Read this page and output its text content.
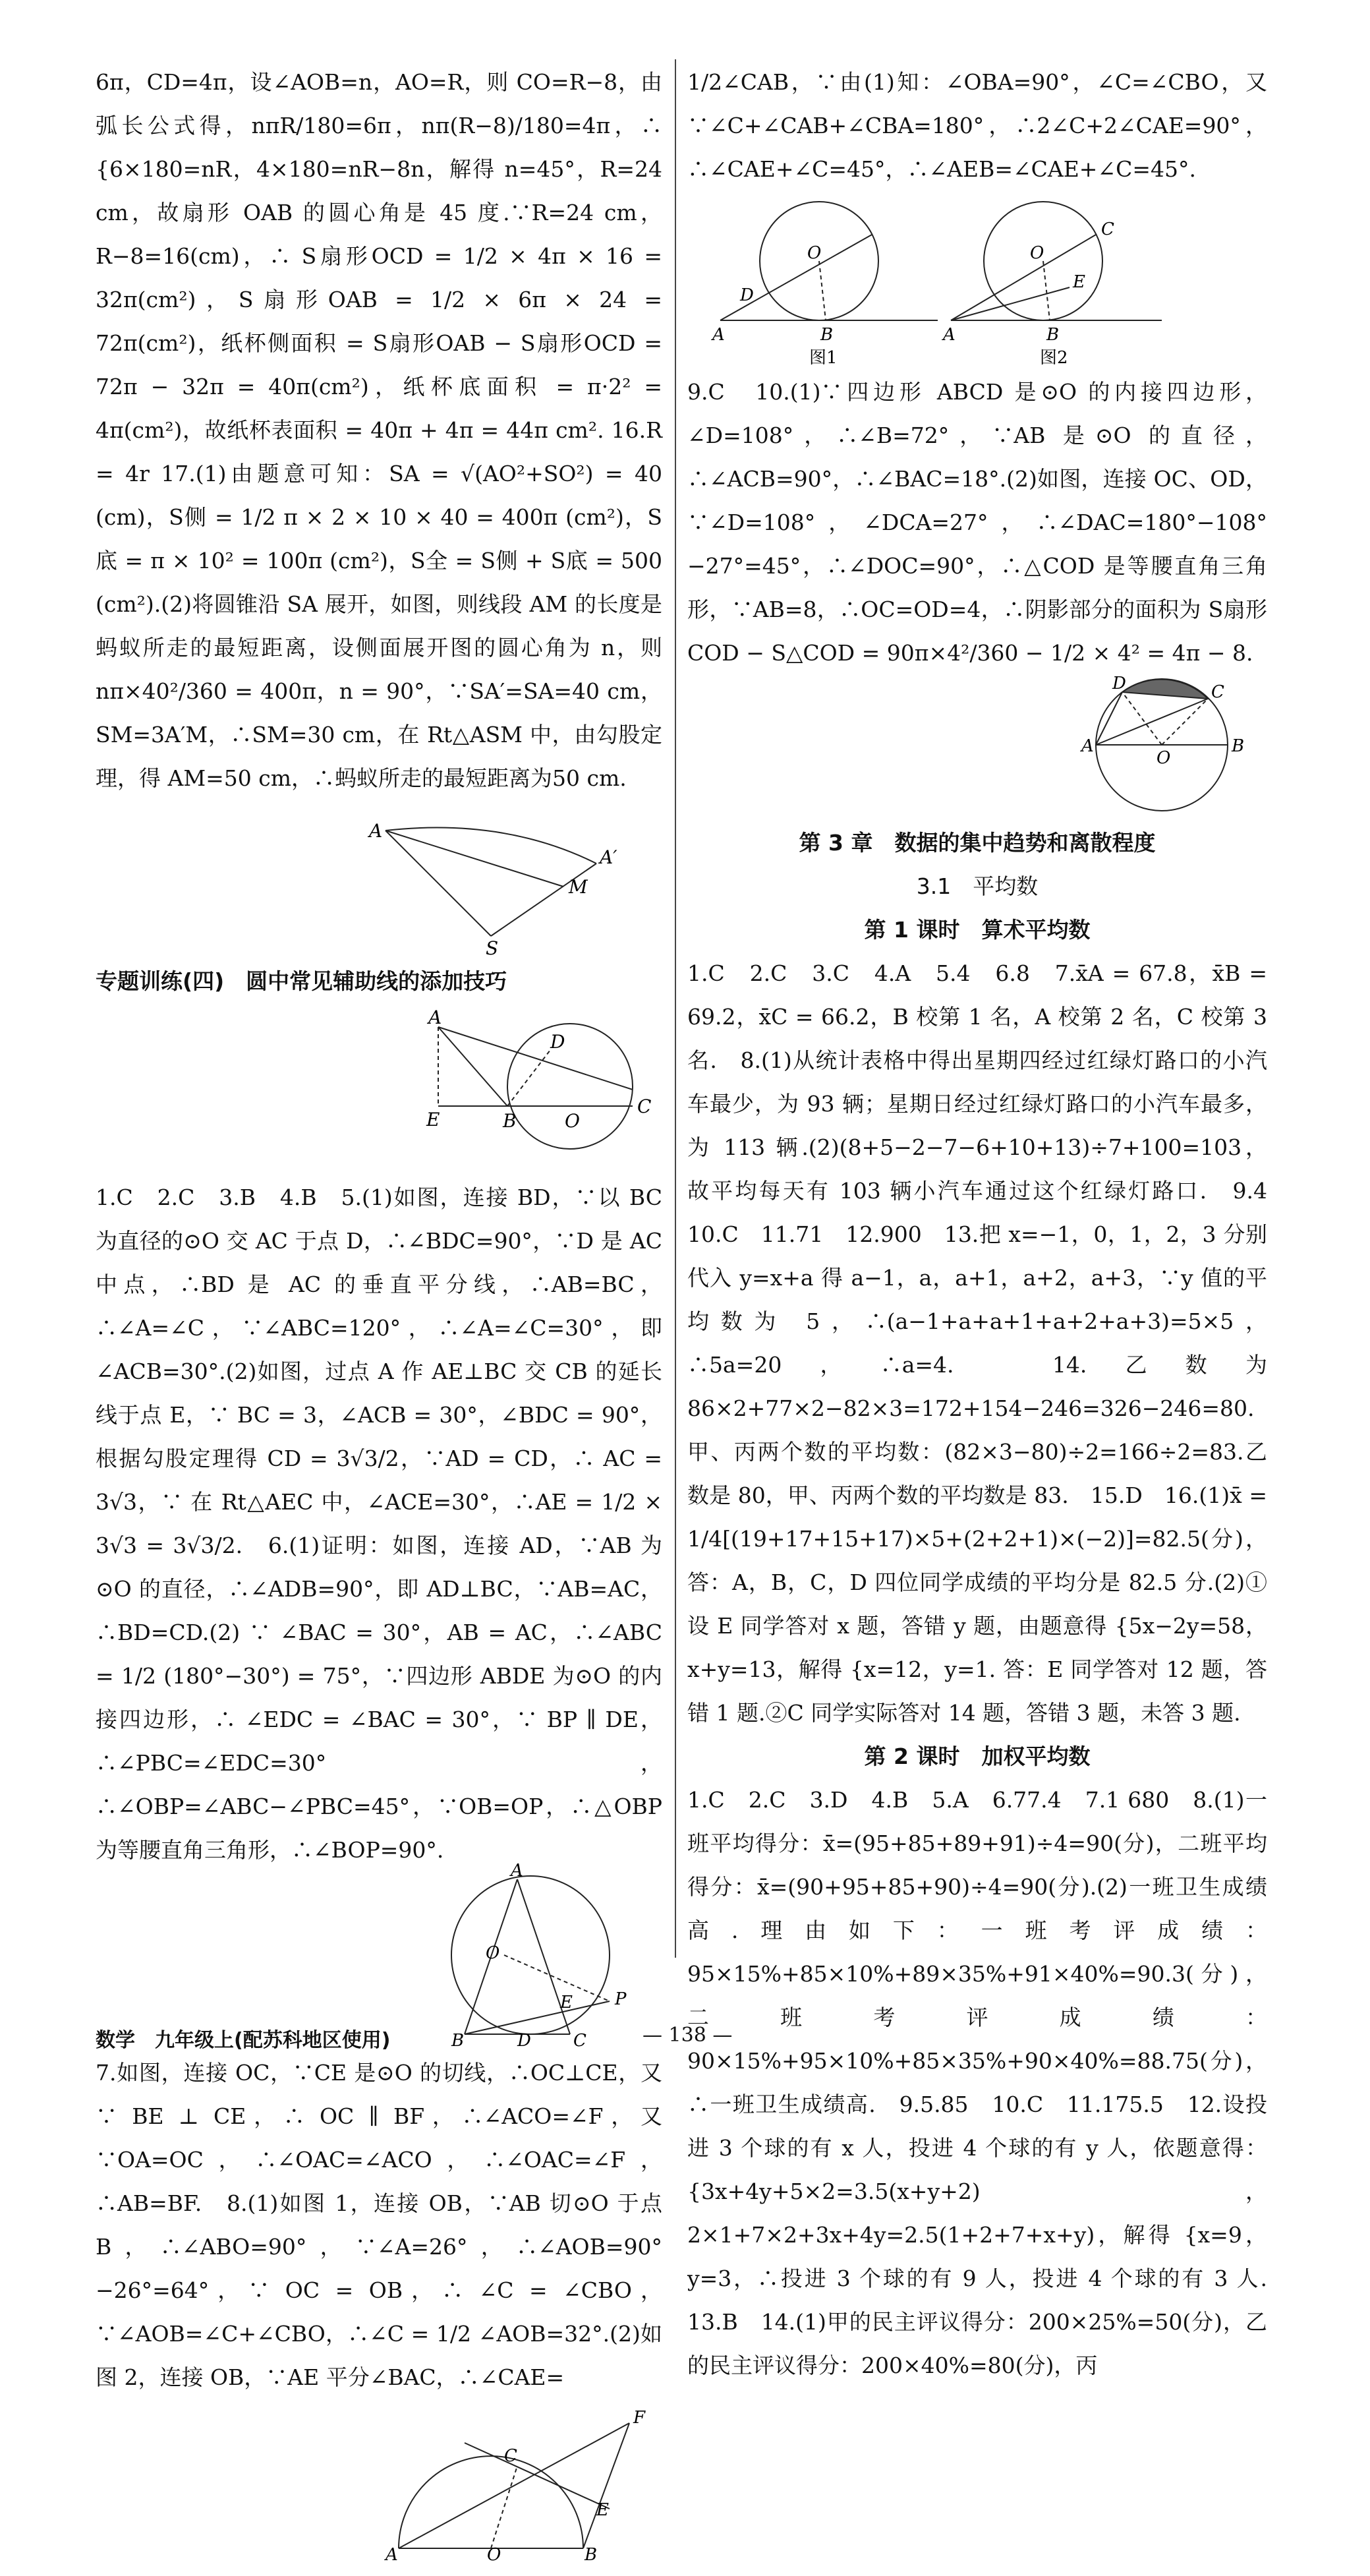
6π，CD=4π，设∠AOB=n，AO=R，则 CO=R−8，由弧长公式得，nπR/180=6π，nπ(R−8)/180=4π，∴ {6×180=nR，4×180=nR−8n，解得 n=45°，R=24 cm，故扇形 OAB 的圆心角是 45 度.∵R=24 cm，R−8=16(cm)，∴ S扇形OCD = 1/2 × 4π × 16 = 32π(cm²)，S扇形OAB = 1/2 × 6π × 24 = 72π(cm²)，纸杯侧面积 = S扇形OAB − S扇形OCD = 72π − 32π = 40π(cm²)，纸杯底面积 = π·2² = 4π(cm²)，故纸杯表面积 = 40π + 4π = 44π cm². 16.R = 4r 17.(1)由题意可知：SA = √(AO²+SO²) = 40 (cm)，S侧 = 1/2 π × 2 × 10 × 40 = 400π (cm²)，S底 = π × 10² = 100π (cm²)，S全 = S侧 + S底 = 500 (cm²).(2)将圆锥沿 SA 展开，如图，则线段 AM 的长度是蚂蚁所走的最短距离，设侧面展开图的圆心角为 n，则 nπ×40²/360 = 400π，n = 90°，∵SA′=SA=40 cm，SM=3A′M，∴SM=30 cm，在 Rt△ASM 中，由勾股定理，得 AM=50 cm，∴蚂蚁所走的最短距离为50 cm.

A
A′
M
S

专题训练(四)　圆中常见辅助线的添加技巧

A
D
E	B	O
C

1.C　2.C　3.B　4.B　5.(1)如图，连接 BD，∵以 BC 为直径的⊙O 交 AC 于点 D，∴∠BDC=90°，∵D 是 AC 中点，∴BD 是 AC 的垂直平分线，∴AB=BC，∴∠A=∠C，∵∠ABC=120°，∴∠A=∠C=30°，即∠ACB=30°.(2)如图，过点 A 作 AE⊥BC 交 CB 的延长线于点 E，∵ BC = 3，∠ACB = 30°，∠BDC = 90°，根据勾股定理得 CD = 3√3/2，∵AD = CD，∴ AC = 3√3，∵ 在 Rt△AEC 中，∠ACE=30°，∴AE = 1/2 × 3√3 = 3√3/2.　6.(1)证明：如图，连接 AD，∵AB 为⊙O 的直径，∴∠ADB=90°，即 AD⊥BC，∵AB=AC，∴BD=CD.(2) ∵ ∠BAC = 30°，AB = AC，∴∠ABC = 1/2 (180°−30°) = 75°，∵四边形 ABDE 为⊙O 的内接四边形，∴ ∠EDC = ∠BAC = 30°，∵ BP ∥ DE，∴∠PBC=∠EDC=30°，∴∠OBP=∠ABC−∠PBC=45°，∵OB=OP，∴△OBP 为等腰直角三角形，∴∠BOP=90°.

A
O
E P
B	D C

7.如图，连接 OC，∵CE 是⊙O 的切线，∴OC⊥CE，又∵ BE ⊥ CE，∴ OC ∥ BF，∴∠ACO=∠F，又∵OA=OC，∴∠OAC=∠ACO，∴∠OAC=∠F，∴AB=BF.　8.(1)如图 1，连接 OB，∵AB 切⊙O 于点 B，∴∠ABO=90°，∵∠A=26°，∴∠AOB=90°−26°=64°，∵ OC = OB，∴ ∠C = ∠CBO，∵∠AOB=∠C+∠CBO，∴∠C = 1/2 ∠AOB=32°.(2)如图 2，连接 OB，∵AE 平分∠BAC，∴∠CAE=

F
C
E
A	O	B

1/2∠CAB，∵由(1)知：∠OBA=90°，∠C=∠CBO，又∵∠C+∠CAB+∠CBA=180°，∴2∠C+2∠CAE=90°，∴∠CAE+∠C=45°，∴∠AEB=∠CAE+∠C=45°.

O
D
A	B
图1
O
C
E
A	B
图2

9.C　10.(1)∵四边形 ABCD 是⊙O 的内接四边形，∠D=108°，∴∠B=72°，∵AB 是⊙O 的直径，∴∠ACB=90°，∴∠BAC=18°.(2)如图，连接 OC、OD，∵∠D=108°，∠DCA=27°，∴∠DAC=180°−108°−27°=45°，∴∠DOC=90°，∴△COD 是等腰直角三角形，∵AB=8，∴OC=OD=4，∴阴影部分的面积为 S扇形COD − S△COD = 90π×4²/360 − 1/2 × 4² = 4π − 8.

D	C
A
O
B

第 3 章　数据的集中趋势和离散程度

3.1　平均数

第 1 课时　算术平均数

1.C　2.C　3.C　4.A　5.4　6.8　7.x̄A = 67.8，x̄B = 69.2，x̄C = 66.2，B 校第 1 名，A 校第 2 名，C 校第 3 名.　8.(1)从统计表格中得出星期四经过红绿灯路口的小汽车最少，为 93 辆；星期日经过红绿灯路口的小汽车最多，为 113 辆.(2)(8+5−2−7−6+10+13)÷7+100=103，故平均每天有 103 辆小汽车通过这个红绿灯路口.　9.4　10.C　11.71　12.900　13.把 x=−1，0，1，2，3 分别代入 y=x+a 得 a−1，a，a+1，a+2，a+3，∵y 值的平均数为 5，∴(a−1+a+a+1+a+2+a+3)=5×5，∴5a=20，∴a=4.　14.乙数为 86×2+77×2−82×3=172+154−246=326−246=80.甲、丙两个数的平均数：(82×3−80)÷2=166÷2=83.乙数是 80，甲、丙两个数的平均数是 83.　15.D　16.(1)x̄ = 1/4[(19+17+15+17)×5+(2+2+1)×(−2)]=82.5(分)，答：A，B，C，D 四位同学成绩的平均分是 82.5 分.(2)①设 E 同学答对 x 题，答错 y 题，由题意得 {5x−2y=58，x+y=13，解得 {x=12，y=1. 答：E 同学答对 12 题，答错 1 题.②C 同学实际答对 14 题，答错 3 题，未答 3 题.

第 2 课时　加权平均数

1.C　2.C　3.D　4.B　5.A　6.77.4　7.1 680　8.(1)一班平均得分：x̄=(95+85+89+91)÷4=90(分)，二班平均得分：x̄=(90+95+85+90)÷4=90(分).(2)一班卫生成绩高.理由如下：一班考评成绩：95×15%+85×10%+89×35%+91×40%=90.3(分)，二班考评成绩：90×15%+95×10%+85×35%+90×40%=88.75(分)，∴一班卫生成绩高.　9.5.85　10.C　11.175.5　12.设投进 3 个球的有 x 人，投进 4 个球的有 y 人，依题意得：{3x+4y+5×2=3.5(x+y+2)，2×1+7×2+3x+4y=2.5(1+2+7+x+y)，解得 {x=9，y=3，∴投进 3 个球的有 9 人，投进 4 个球的有 3 人.　13.B　14.(1)甲的民主评议得分：200×25%=50(分)，乙的民主评议得分：200×40%=80(分)，丙

数学　九年级上(配苏科地区使用)	— 138 —
